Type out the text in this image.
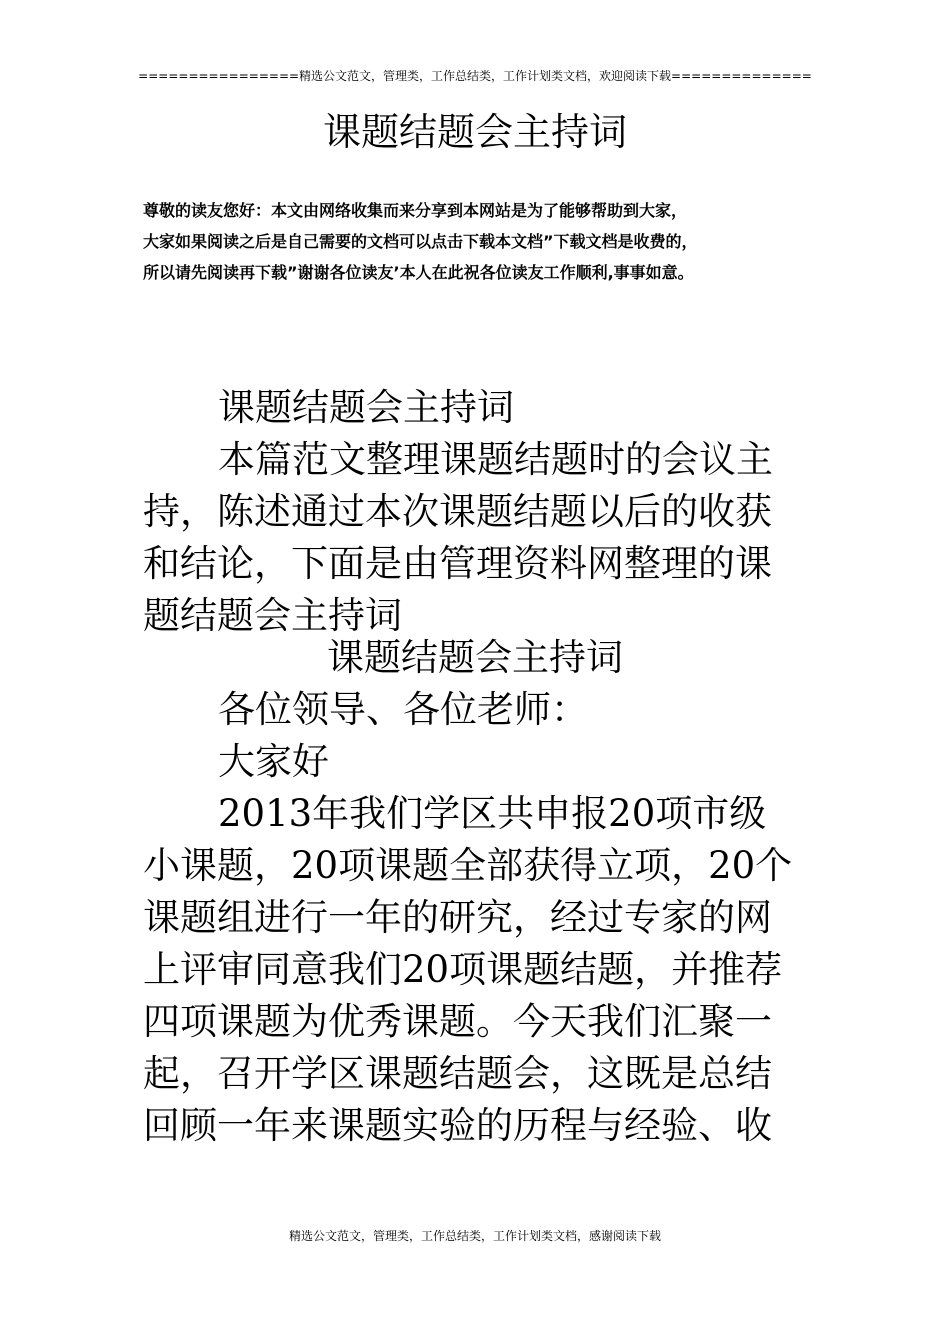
================精选公文范文，管理类，工作总结类，工作计划类文档，欢迎阅读下载==============
课题结题会主持词
尊敬的读友您好：本文由网络收集而来分享到本网站是为了能够帮助到大家，
大家如果阅读之后是自己需要的文档可以点击下载本文档”下载文档是收费的，
所以请先阅读再下载”谢谢各位读友’本人在此祝各位读友工作顺利,事事如意。
课题结题会主持词
本篇范文整理课题结题时的会议主
持，陈述通过本次课题结题以后的收获
和结论，下面是由管理资料网整理的课
题结题会主持词
课题结题会主持词
各位领导、各位老师：
大家好
2013年我们学区共申报20项市级
小课题，20项课题全部获得立项，20个
课题组进行一年的研究，经过专家的网
上评审同意我们20项课题结题，并推荐
四项课题为优秀课题。今天我们汇聚一
起，召开学区课题结题会，这既是总结
回顾一年来课题实验的历程与经验、收
精选公文范文，管理类，工作总结类，工作计划类文档，感谢阅读下载
